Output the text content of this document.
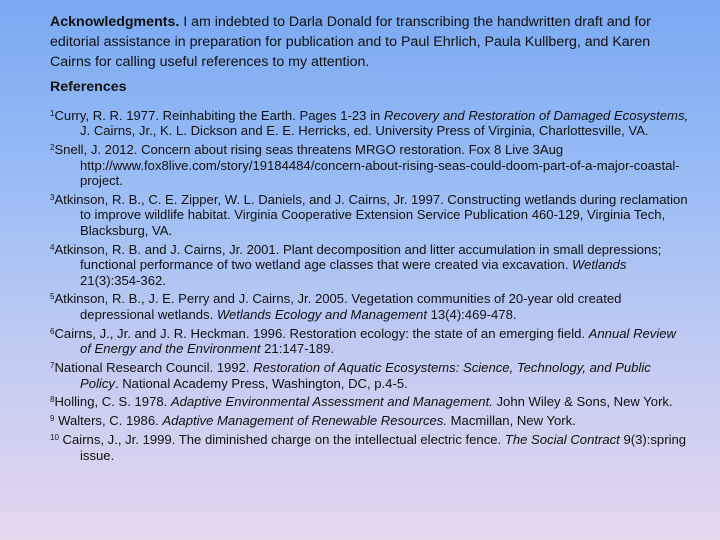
Acknowledgments. I am indebted to Darla Donald for transcribing the handwritten draft and for editorial assistance in preparation for publication and to Paul Ehrlich, Paula Kullberg, and Karen Cairns for calling useful references to my attention.

References
$^1$Curry, R. R. 1977. Reinhabiting the Earth. Pages 1-23 in Recovery and Restoration of Damaged Ecosystems, J. Cairns, Jr., K. L. Dickson and E. E. Herricks, ed. University Press of Virginia, Charlottesville, VA.
$^2$Snell, J. 2012. Concern about rising seas threatens MRGO restoration. Fox 8 Live 3Aug http://www.fox8live.com/story/19184484/concern-about-rising-seas-could-doom-part-of-a-major-coastal-project.
$^3$Atkinson, R. B., C. E. Zipper, W. L. Daniels, and J. Cairns, Jr. 1997. Constructing wetlands during reclamation to improve wildlife habitat. Virginia Cooperative Extension Service Publication 460-129, Virginia Tech, Blacksburg, VA.
$^4$Atkinson, R. B. and J. Cairns, Jr. 2001. Plant decomposition and litter accumulation in small depressions; functional performance of two wetland age classes that were created via excavation. Wetlands 21(3):354-362.
$^5$Atkinson, R. B., J. E. Perry and J. Cairns, Jr. 2005. Vegetation communities of 20-year old created depressional wetlands. Wetlands Ecology and Management 13(4):469-478.
$^6$Cairns, J., Jr. and J. R. Heckman. 1996. Restoration ecology: the state of an emerging field. Annual Review of Energy and the Environment 21:147-189.
$^7$National Research Council. 1992. Restoration of Aquatic Ecosystems: Science, Technology, and Public Policy. National Academy Press, Washington, DC, p.4-5.
$^8$Holling, C. S. 1978. Adaptive Environmental Assessment and Management. John Wiley & Sons, New York.
$^9$ Walters, C. 1986. Adaptive Management of Renewable Resources. Macmillan, New York.
$^{10}$ Cairns, J., Jr. 1999. The diminished charge on the intellectual electric fence. The Social Contract 9(3):spring issue.
